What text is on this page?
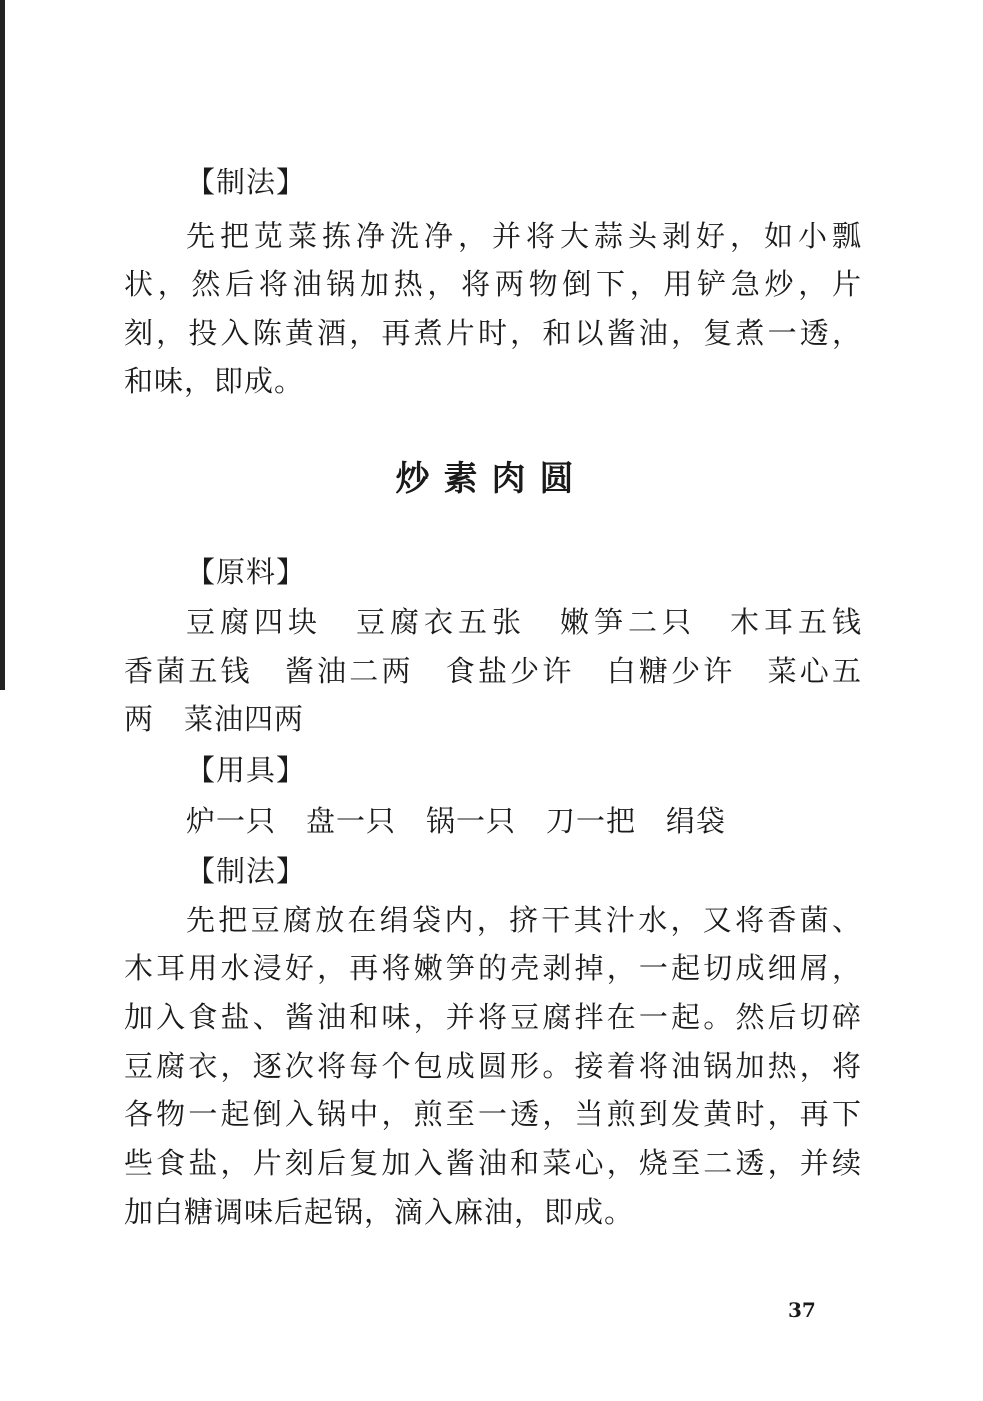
【制法】
先把苋菜拣净洗净，并将大蒜头剥好，如小瓢
状，然后将油锅加热，将两物倒下，用铲急炒，片
刻，投入陈黄酒，再煮片时，和以酱油，复煮一透，
和味，即成。
炒素肉圆
【原料】
豆腐四块　豆腐衣五张　嫩笋二只　木耳五钱
香菌五钱　酱油二两　食盐少许　白糖少许　菜心五
两　菜油四两
【用具】
炉一只　盘一只　锅一只　刀一把　绢袋
【制法】
先把豆腐放在绢袋内，挤干其汁水，又将香菌、
木耳用水浸好，再将嫩笋的壳剥掉，一起切成细屑，
加入食盐、酱油和味，并将豆腐拌在一起。然后切碎
豆腐衣，逐次将每个包成圆形。接着将油锅加热，将
各物一起倒入锅中，煎至一透，当煎到发黄时，再下
些食盐，片刻后复加入酱油和菜心，烧至二透，并续
加白糖调味后起锅，滴入麻油，即成。
37
